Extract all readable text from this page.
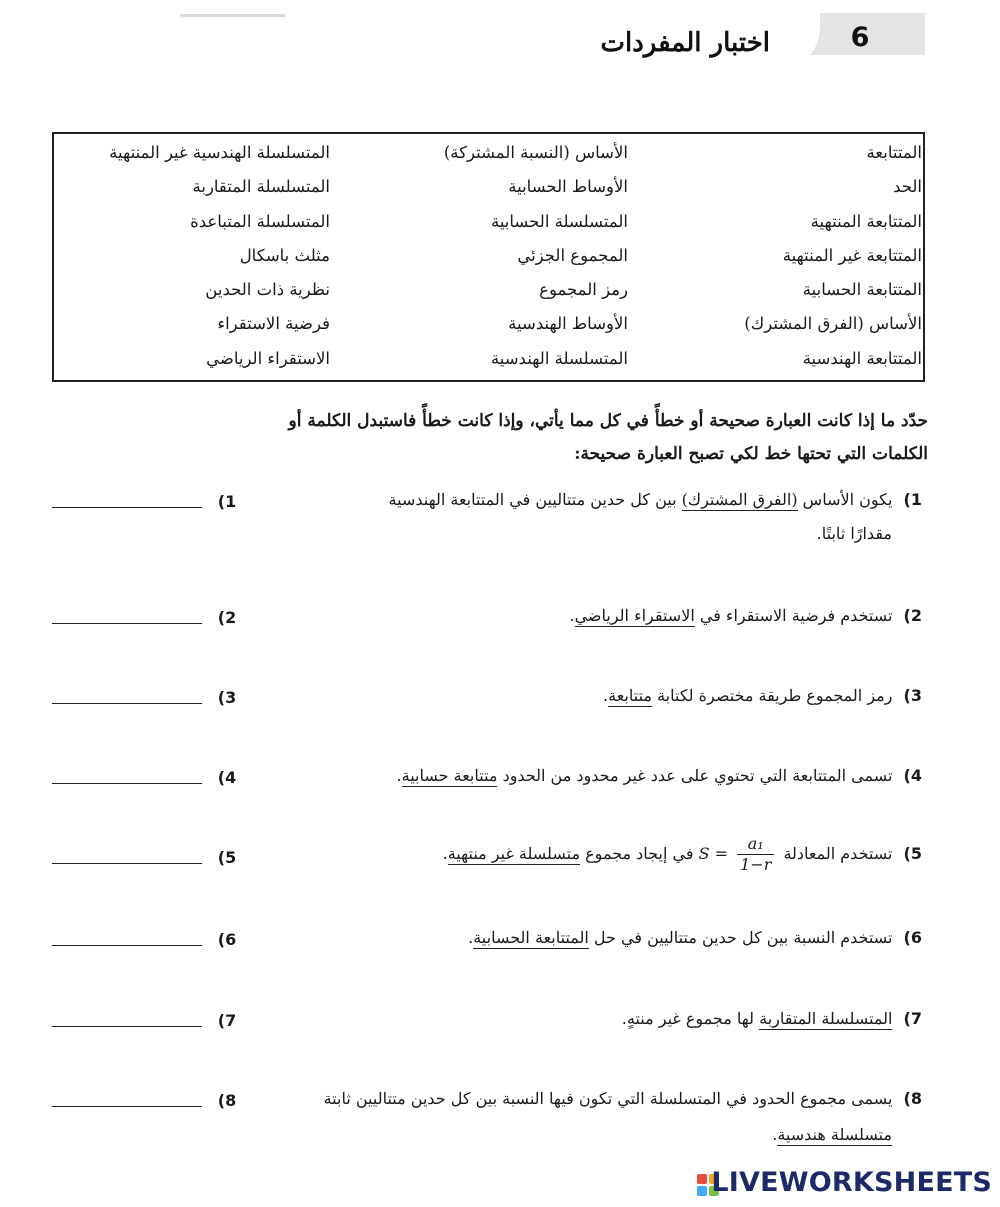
6
اختبار المفردات
المتتابعة
الحد
المتتابعة المنتهية
المتتابعة غير المنتهية
المتتابعة الحسابية
الأساس (الفرق المشترك)
المتتابعة الهندسية
الأساس (النسبة المشتركة)
الأوساط الحسابية
المتسلسلة الحسابية
المجموع الجزئي
رمز المجموع
الأوساط الهندسية
المتسلسلة الهندسية
المتسلسلة الهندسية غير المنتهية
المتسلسلة المتقاربة
المتسلسلة المتباعدة
مثلث باسكال
نظرية ذات الحدين
فرضية الاستقراء
الاستقراء الرياضي
حدّد ما إذا كانت العبارة صحيحة أو خطأً في كل مما يأتي، وإذا كانت خطأً فاستبدل الكلمة أو
الكلمات التي تحتها خط لكي تصبح العبارة صحيحة:
1) يكون الأساس (الفرق المشترك) بين كل حدين متتاليين في المتتابعة الهندسية
مقدارًا ثابتًا.
2) تستخدم فرضية الاستقراء في الاستقراء الرياضي.
3) رمز المجموع طريقة مختصرة لكتابة متتابعة.
4) تسمى المتتابعة التي تحتوي على عدد غير محدود من الحدود متتابعة حسابية.
5) تستخدم المعادلة $S = \frac{\text{a₁}}{1-r}$
في إيجاد مجموع متسلسلة غير منتهية.
6) تستخدم النسبة بين كل حدين متتاليين في حل المتتابعة الحسابية.
7) المتسلسلة المتقاربة لها مجموع غير منتهٍ.
8) يسمى مجموع الحدود في المتسلسلة التي تكون فيها النسبة بين كل حدين متتاليين ثابتة
متسلسلة هندسية.
(1
(2
(3
(4
(5
(6
(7
(8
LIVEWORKSHEETS
